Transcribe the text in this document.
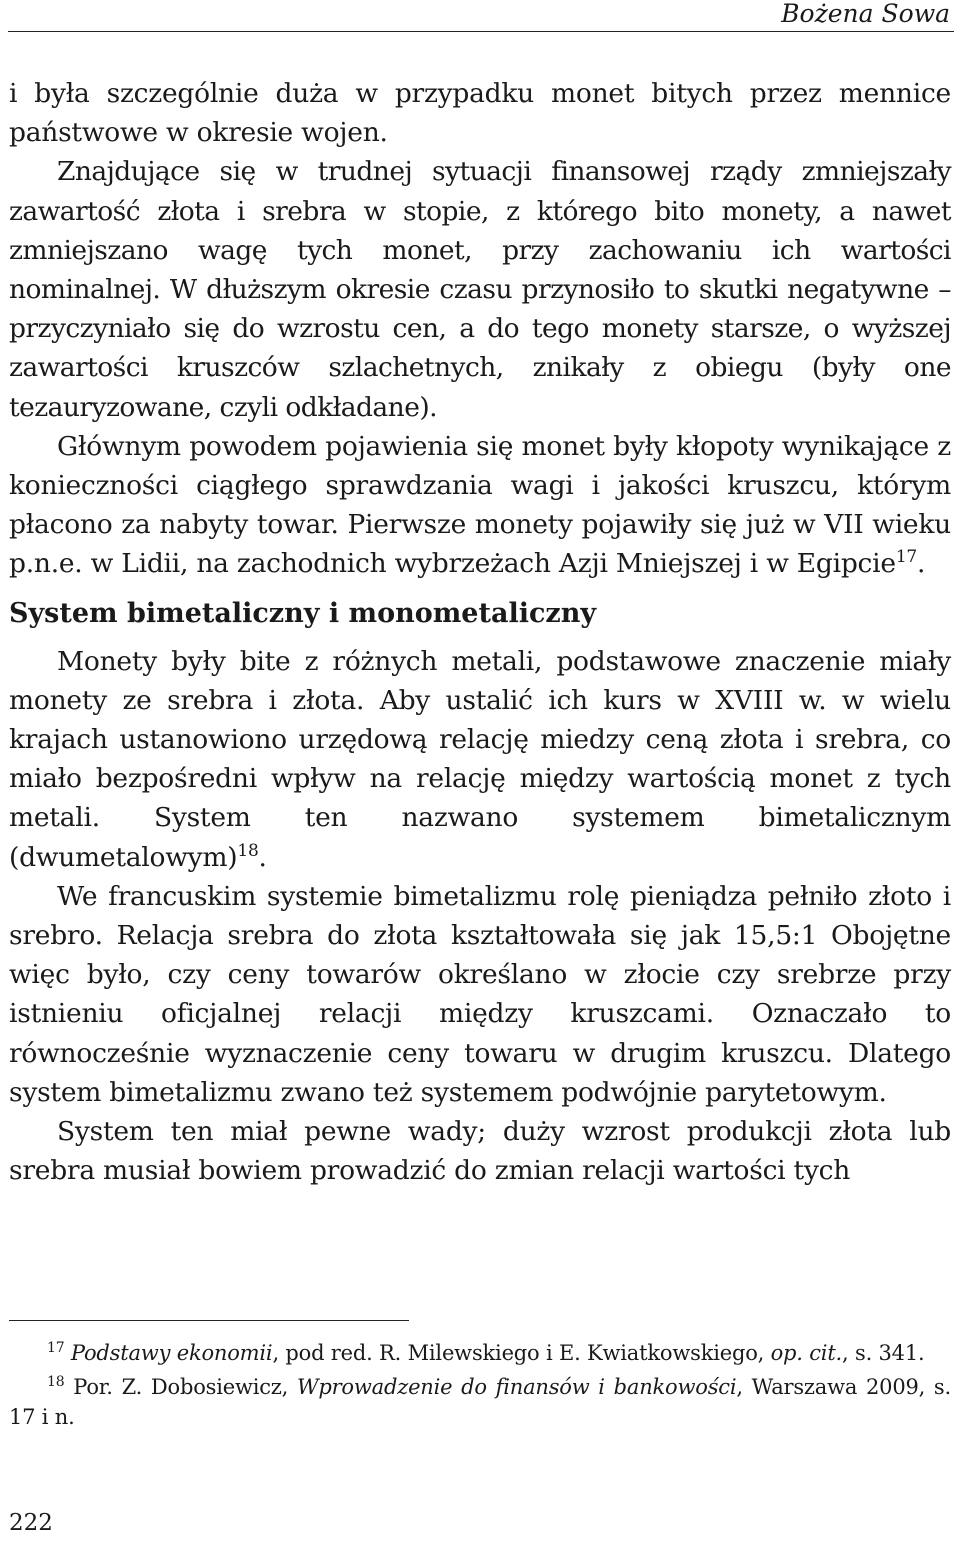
Bożena Sowa

i była szczególnie duża w przypadku monet bitych przez mennice państwowe w okresie wojen.

Znajdujące się w trudnej sytuacji finansowej rządy zmniejszały zawartość złota i srebra w stopie, z którego bito monety, a nawet zmniejszano wagę tych monet, przy zachowaniu ich wartości nominalnej. W dłuższym okresie czasu przynosiło to skutki negatywne – przyczyniało się do wzrostu cen, a do tego monety starsze, o wyższej zawartości kruszców szlachetnych, znikały z obiegu (były one tezauryzowane, czyli odkładane).

Głównym powodem pojawienia się monet były kłopoty wynikające z konieczności ciągłego sprawdzania wagi i jakości kruszcu, którym płacono za nabyty towar. Pierwsze monety pojawiły się już w VII wieku p.n.e. w Lidii, na zachodnich wybrzeżach Azji Mniejszej i w Egipcie$^{17}$.

System bimetaliczny i monometaliczny

Monety były bite z różnych metali, podstawowe znaczenie miały monety ze srebra i złota. Aby ustalić ich kurs w XVIII w. w wielu krajach ustanowiono urzędową relację miedzy ceną złota i srebra, co miało bezpośredni wpływ na relację między wartością monet z tych metali. System ten nazwano systemem bimetalicznym (dwumetalowym)$^{18}$.

We francuskim systemie bimetalizmu rolę pieniądza pełniło złoto i srebro. Relacja srebra do złota kształtowała się jak 15,5:1 Obojętne więc było, czy ceny towarów określano w złocie czy srebrze przy istnieniu oficjalnej relacji między kruszcami. Oznaczało to równocześnie wyznaczenie ceny towaru w drugim kruszcu. Dlatego system bimetalizmu zwano też systemem podwójnie parytetowym.

System ten miał pewne wady; duży wzrost produkcji złota lub srebra musiał bowiem prowadzić do zmian relacji wartości tych

$^{17}$ Podstawy ekonomii, pod red. R. Milewskiego i E. Kwiatkowskiego, op. cit., s. 341.

$^{18}$ Por. Z. Dobosiewicz, Wprowadzenie do finansów i bankowości, Warszawa 2009, s. 17 i n.

222
